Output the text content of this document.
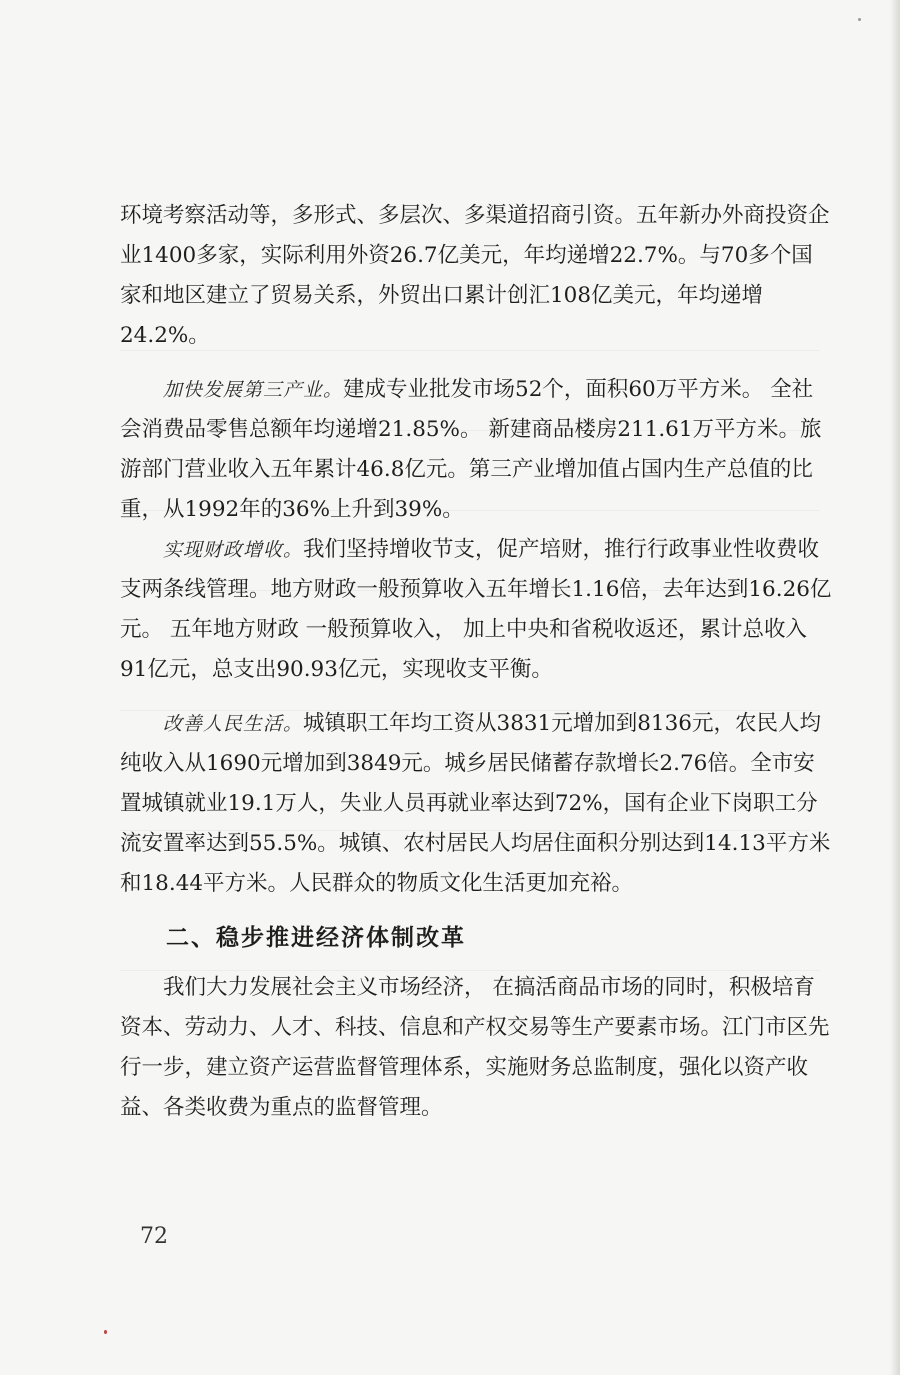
环境考察活动等，多形式、多层次、多渠道招商引资。五年新办外商投资企业1400多家，实际利用外资26.7亿美元，年均递增22.7%。与70多个国家和地区建立了贸易关系，外贸出口累计创汇108亿美元，年均递增 24.2%。

加快发展第三产业。建成专业批发市场52个，面积60万平方米。 全社会消费品零售总额年均递增21.85%。 新建商品楼房211.61万平方米。旅游部门营业收入五年累计46.8亿元。第三产业增加值占国内生产总值的比重，从1992年的36%上升到39%。

实现财政增收。我们坚持增收节支，促产培财，推行行政事业性收费收支两条线管理。地方财政一般预算收入五年增长1.16倍，去年达到16.26亿元。 五年地方财政 一般预算收入， 加上中央和省税收返还，累计总收入91亿元，总支出90.93亿元，实现收支平衡。

改善人民生活。城镇职工年均工资从3831元增加到8136元，农民人均纯收入从1690元增加到3849元。城乡居民储蓄存款增长2.76倍。全市安置城镇就业19.1万人，失业人员再就业率达到72%，国有企业下岗职工分流安置率达到55.5%。城镇、农村居民人均居住面积分别达到14.13平方米和18.44平方米。人民群众的物质文化生活更加充裕。

二、稳步推进经济体制改革

我们大力发展社会主义市场经济， 在搞活商品市场的同时，积极培育资本、劳动力、人才、科技、信息和产权交易等生产要素市场。江门市区先行一步，建立资产运营监督管理体系，实施财务总监制度，强化以资产收益、各类收费为重点的监督管理。

72
